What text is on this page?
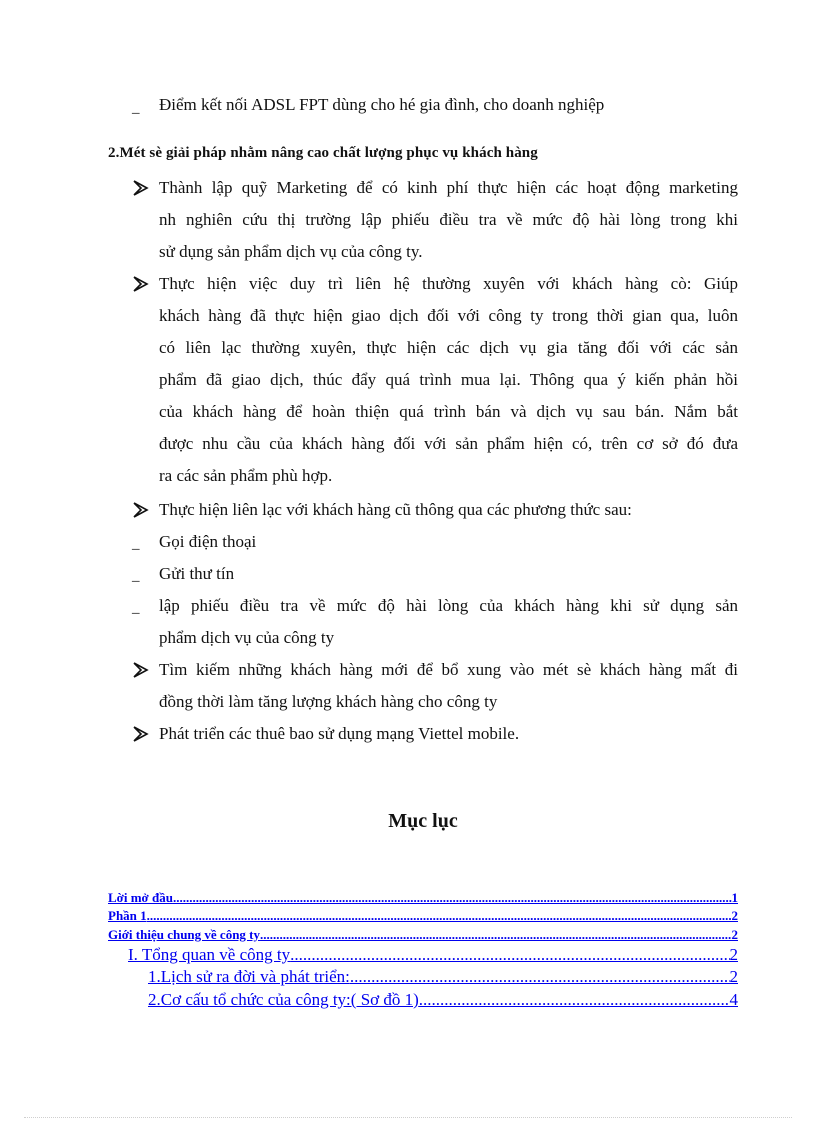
_ Điểm kết nối ADSL FPT dùng cho hé gia đình, cho doanh nghiệp
2.Mét sè giải pháp nhằm nâng cao chất lượng phục vụ khách hàng
Thành lập quỹ Marketing để có kinh phí thực hiện các hoạt động marketing
nh nghiên cứu thị trường lập phiếu điều tra về mức độ hài lòng trong khi
sử dụng sản phẩm dịch vụ của công ty.
Thực hiện việc duy trì liên hệ thường xuyên với khách hàng cò: Giúp
khách hàng đã thực hiện giao dịch đối với công ty trong thời gian qua, luôn
có liên lạc thường xuyên, thực hiện các dịch vụ gia tăng đối với các sản
phẩm đã giao dịch, thúc đẩy quá trình mua lại. Thông qua ý kiến phản hồi
của khách hàng để hoàn thiện quá trình bán và dịch vụ sau bán. Nắm bắt
được nhu cầu của khách hàng đối với sản phẩm hiện có, trên cơ sở đó đưa
ra các sản phẩm phù hợp.
Thực hiện liên lạc với khách hàng cũ thông qua các phương thức sau:
_ Gọi điện thoại
_ Gửi thư tín
_ lập phiếu điều tra về mức độ hài lòng của khách hàng khi sử dụng sản
phẩm dịch vụ của công ty
Tìm kiếm những khách hàng mới để bổ xung vào mét sè khách hàng mất đi
đồng thời làm tăng lượng khách hàng cho công ty
Phát triển các thuê bao sử dụng mạng Viettel mobile.
Mục lục
Lời mở đầu .....	1
Phần 1 .....	2
Giới thiệu chung về công ty .....	2
I. Tổng quan về công ty .....	2
1.Lịch sử ra đời và phát triển: .....	2
2.Cơ cấu tổ chức của công ty:( Sơ đồ 1) .....	4
